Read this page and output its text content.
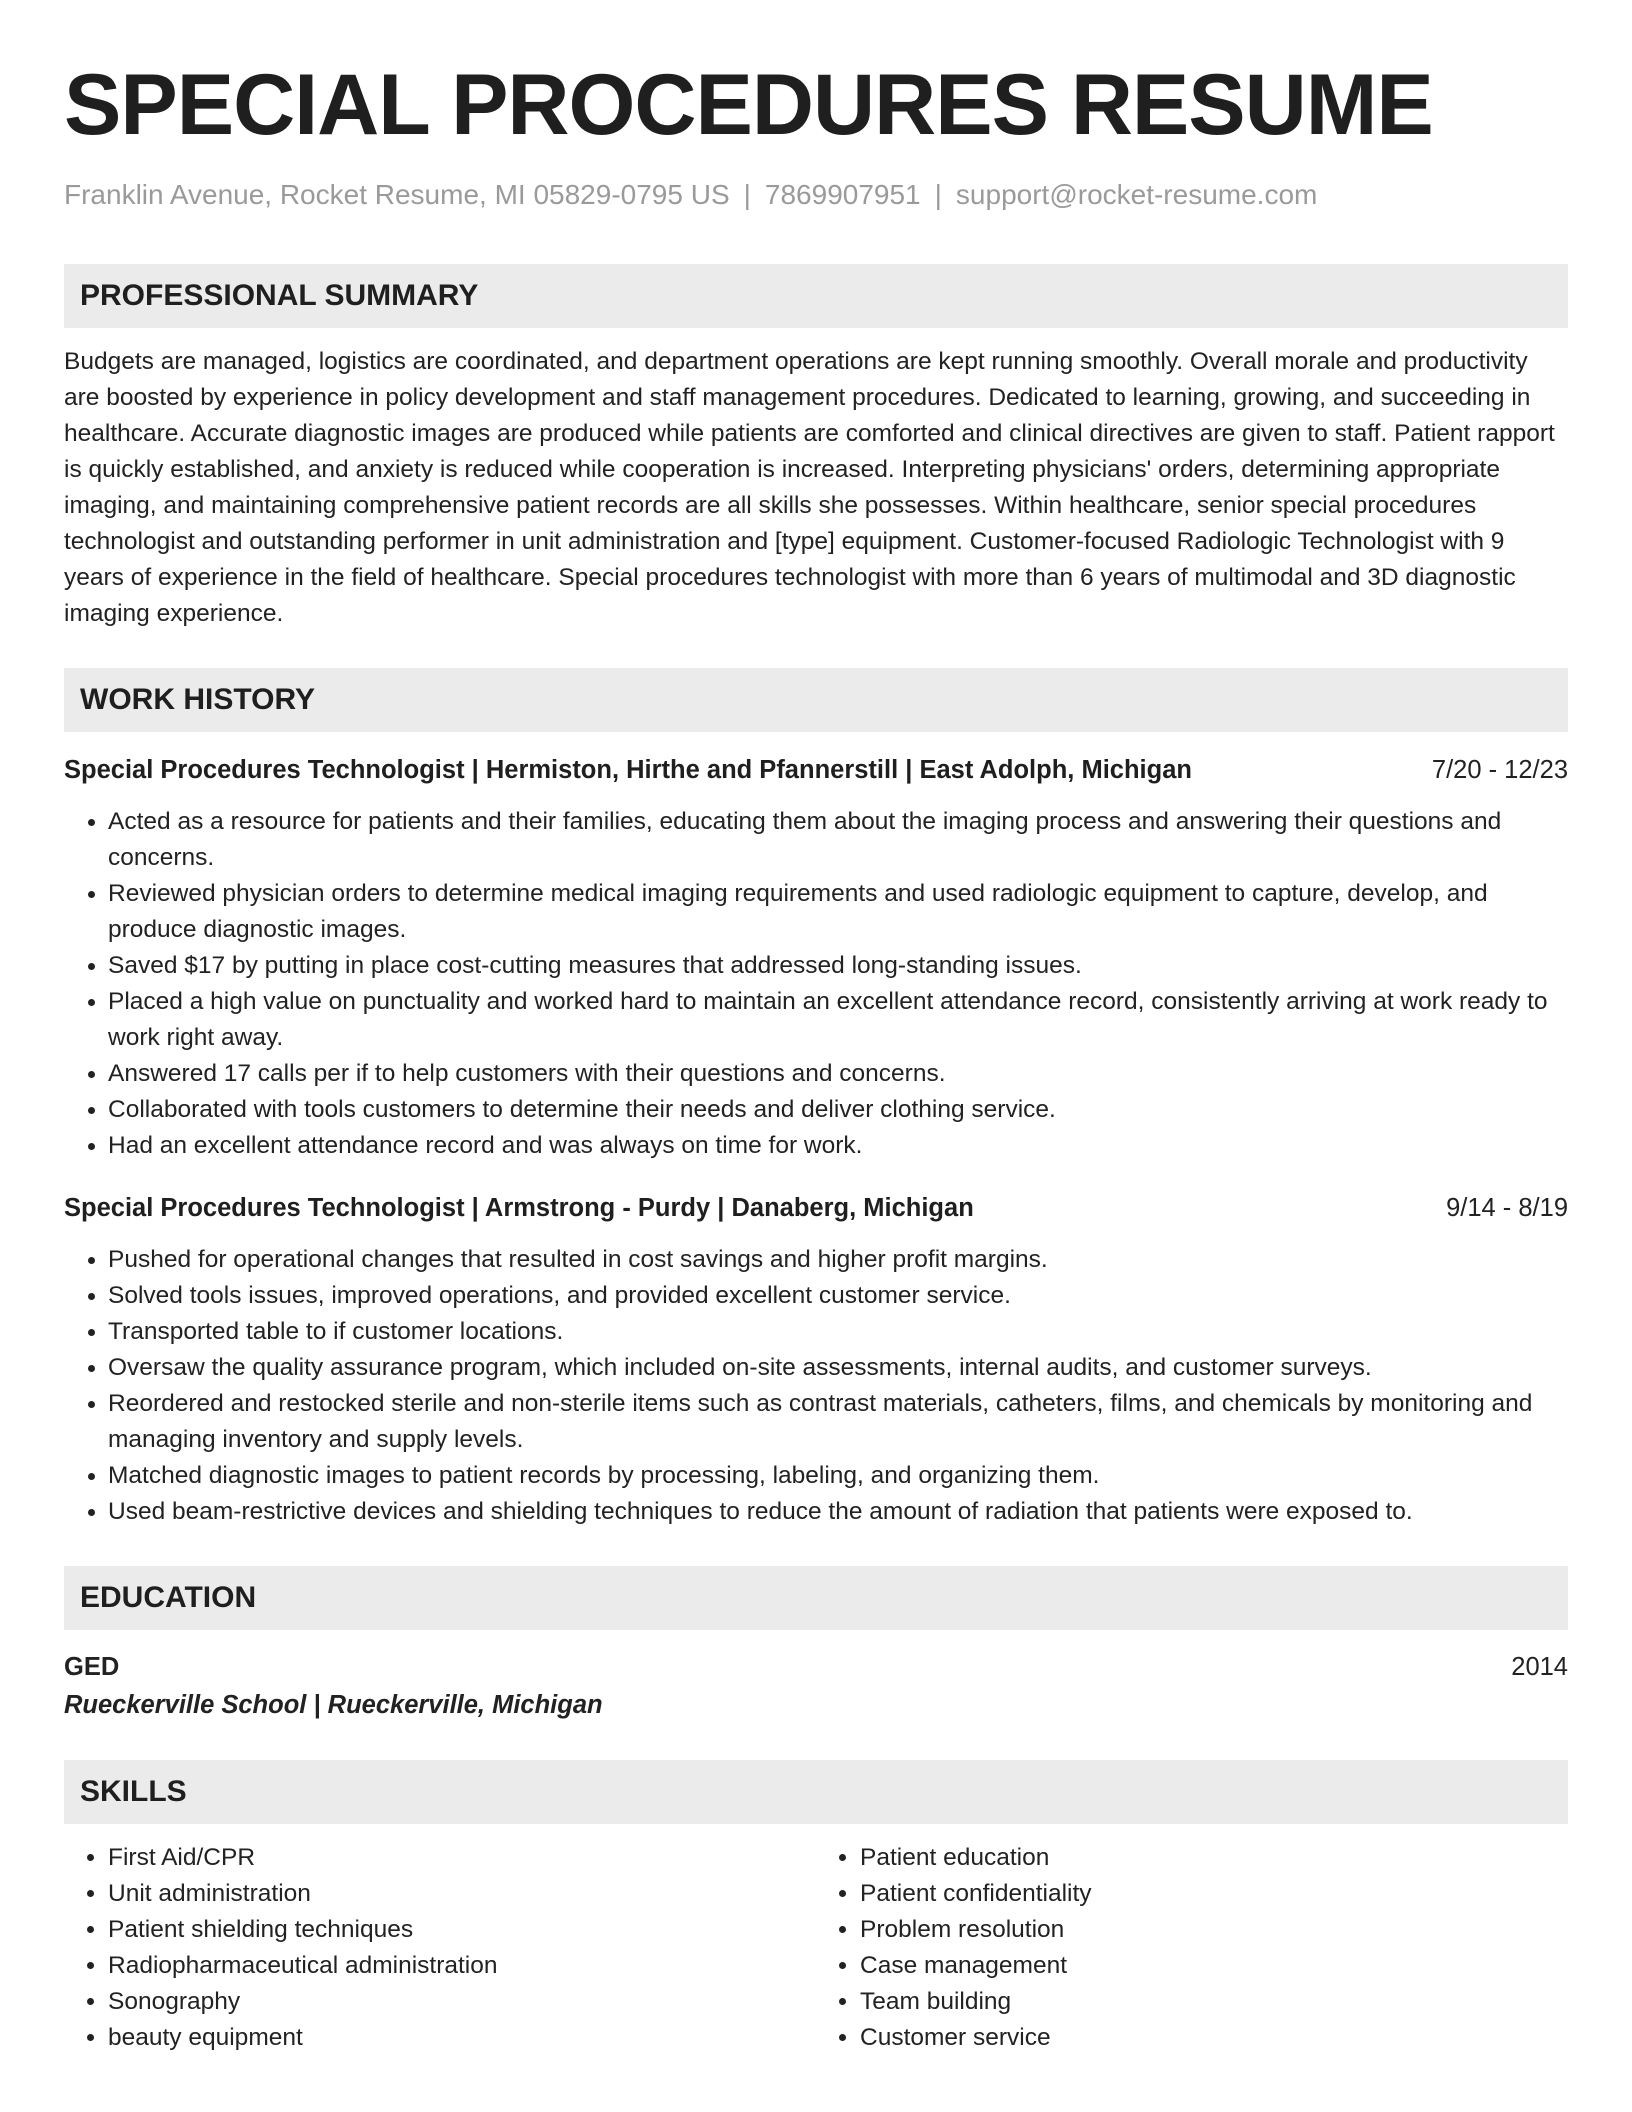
SPECIAL PROCEDURES RESUME
Franklin Avenue, Rocket Resume, MI 05829-0795 US | 7869907951 | support@rocket-resume.com
PROFESSIONAL SUMMARY

Budgets are managed, logistics are coordinated, and department operations are kept running smoothly. Overall morale and productivity are boosted by experience in policy development and staff management procedures. Dedicated to learning, growing, and succeeding in healthcare. Accurate diagnostic images are produced while patients are comforted and clinical directives are given to staff. Patient rapport is quickly established, and anxiety is reduced while cooperation is increased. Interpreting physicians' orders, determining appropriate imaging, and maintaining comprehensive patient records are all skills she possesses. Within healthcare, senior special procedures technologist and outstanding performer in unit administration and [type] equipment. Customer-focused Radiologic Technologist with 9 years of experience in the field of healthcare. Special procedures technologist with more than 6 years of multimodal and 3D diagnostic imaging experience.

WORK HISTORY
Special Procedures Technologist | Hermiston, Hirthe and Pfannerstill | East Adolph, Michigan	7/20 - 12/23
• Acted as a resource for patients and their families, educating them about the imaging process and answering their questions and concerns.
• Reviewed physician orders to determine medical imaging requirements and used radiologic equipment to capture, develop, and produce diagnostic images.
• Saved $17 by putting in place cost-cutting measures that addressed long-standing issues.
• Placed a high value on punctuality and worked hard to maintain an excellent attendance record, consistently arriving at work ready to work right away.
• Answered 17 calls per if to help customers with their questions and concerns.
• Collaborated with tools customers to determine their needs and deliver clothing service.
• Had an excellent attendance record and was always on time for work.
Special Procedures Technologist | Armstrong - Purdy | Danaberg, Michigan	9/14 - 8/19
• Pushed for operational changes that resulted in cost savings and higher profit margins.
• Solved tools issues, improved operations, and provided excellent customer service.
• Transported table to if customer locations.
• Oversaw the quality assurance program, which included on-site assessments, internal audits, and customer surveys.
• Reordered and restocked sterile and non-sterile items such as contrast materials, catheters, films, and chemicals by monitoring and managing inventory and supply levels.
• Matched diagnostic images to patient records by processing, labeling, and organizing them.
• Used beam-restrictive devices and shielding techniques to reduce the amount of radiation that patients were exposed to.
EDUCATION
GED	2014
Rueckerville School | Rueckerville, Michigan
SKILLS
• First Aid/CPR
• Unit administration
• Patient shielding techniques
• Radiopharmaceutical administration
• Sonography
• beauty equipment
• Patient education
• Patient confidentiality
• Problem resolution
• Case management
• Team building
• Customer service
